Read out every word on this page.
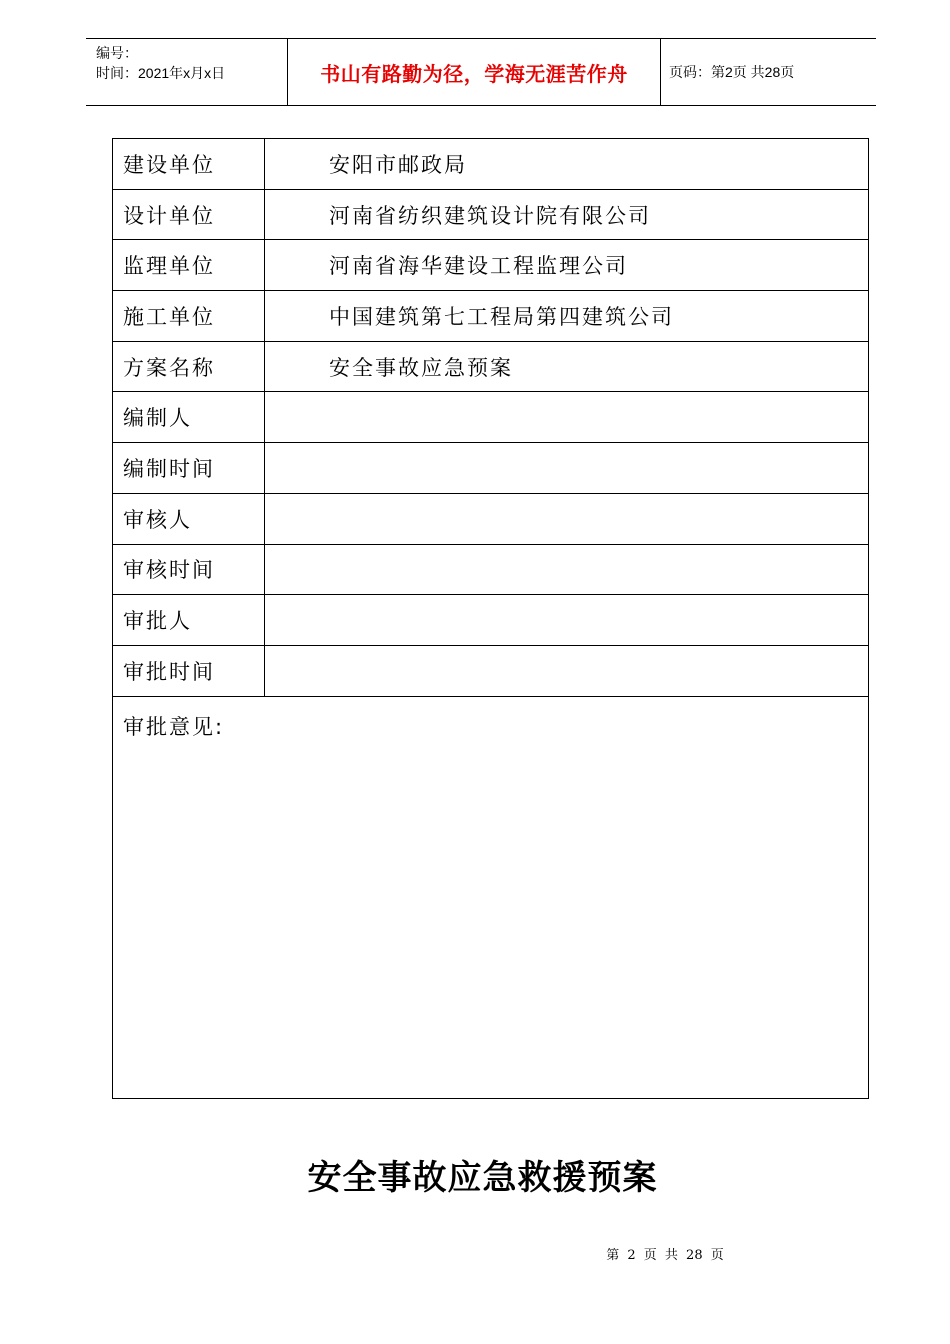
编号：
时间：2021年x月x日	书山有路勤为径，学海无涯苦作舟	页码：第2页 共28页
建设单位	安阳市邮政局
设计单位	河南省纺织建筑设计院有限公司
监理单位	河南省海华建设工程监理公司
施工单位	中国建筑第七工程局第四建筑公司
方案名称	安全事故应急预案
编制人	
编制时间	
审核人	
审核时间	
审批人	
审批时间	
审批意见:	
安全事故应急救援预案
第 2 页 共 28 页
